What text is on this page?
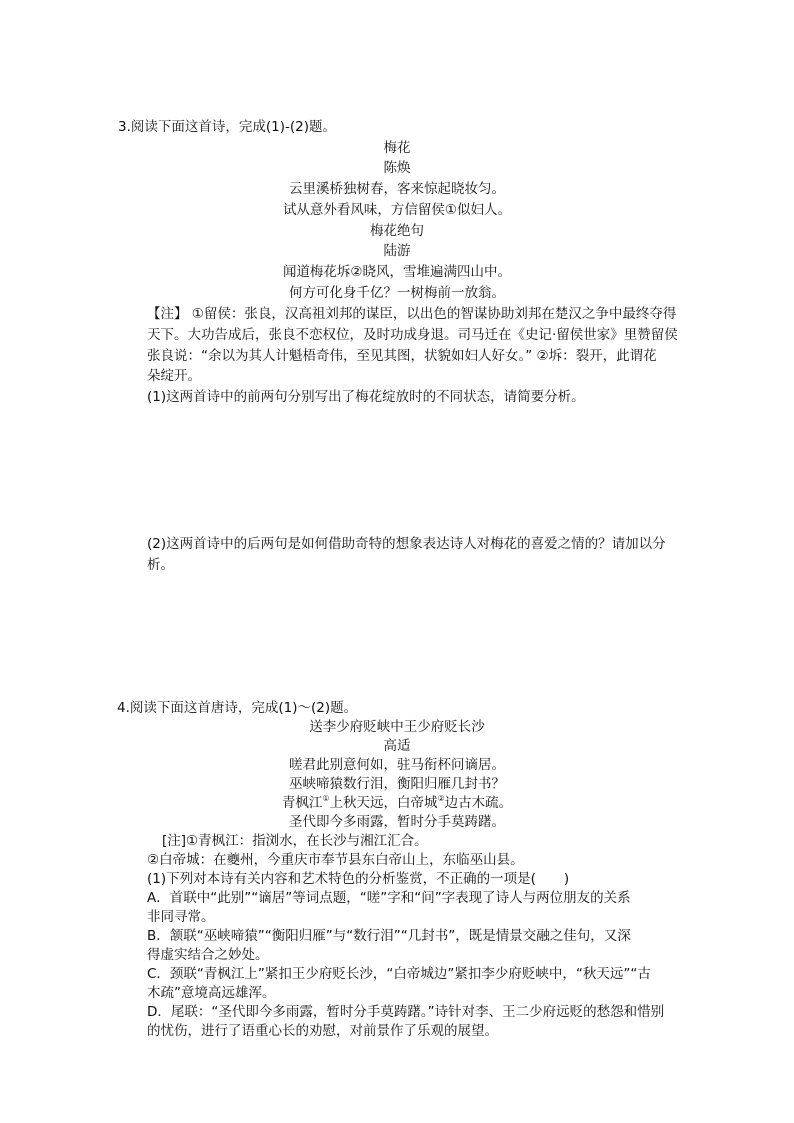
3.阅读下面这首诗，完成(1)-(2)题。
梅花
陈焕
云里溪桥独树春，客来惊起晓妆匀。
试从意外看风味，方信留侯①似妇人。
梅花绝句
陆游
闻道梅花坼②晓风，雪堆遍满四山中。
何方可化身千亿？一树梅前一放翁。
【注】 ①留侯：张良，汉高祖刘邦的谋臣，以出色的智谋协助刘邦在楚汉之争中最终夺得
天下。大功告成后，张良不恋权位，及时功成身退。司马迁在《史记·留侯世家》里赞留侯
张良说：“余以为其人计魁梧奇伟，至见其图，状貌如妇人好女。” ②坼：裂开，此谓花
朵绽开。
(1)这两首诗中的前两句分别写出了梅花绽放时的不同状态，请简要分析。
(2)这两首诗中的后两句是如何借助奇特的想象表达诗人对梅花的喜爱之情的？请加以分
析。
4.阅读下面这首唐诗，完成(1)～(2)题。
送李少府贬峡中王少府贬长沙
高适
嗟君此别意何如，驻马衔杯问谪居。
巫峡啼猿数行泪，衡阳归雁几封书？
青枫江①上秋天远，白帝城②边古木疏。
圣代即今多雨露，暂时分手莫踌躇。
[注]①青枫江：指浏水，在长沙与湘江汇合。
②白帝城：在夔州，今重庆市奉节县东白帝山上，东临巫山县。
(1)下列对本诗有关内容和艺术特色的分析鉴赏，不正确的一项是( )
A．首联中“此别”“谪居”等词点题，“嗟”字和“问”字表现了诗人与两位朋友的关系
非同寻常。
B．颔联“巫峡啼猿”“衡阳归雁”与“数行泪”“几封书”，既是情景交融之佳句，又深
得虚实结合之妙处。
C．颈联“青枫江上”紧扣王少府贬长沙，“白帝城边”紧扣李少府贬峡中，“秋天远”“古
木疏”意境高远雄浑。
D．尾联：“圣代即今多雨露，暂时分手莫踌躇。”诗针对李、王二少府远贬的愁怨和惜别
的忧伤，进行了语重心长的劝慰，对前景作了乐观的展望。
